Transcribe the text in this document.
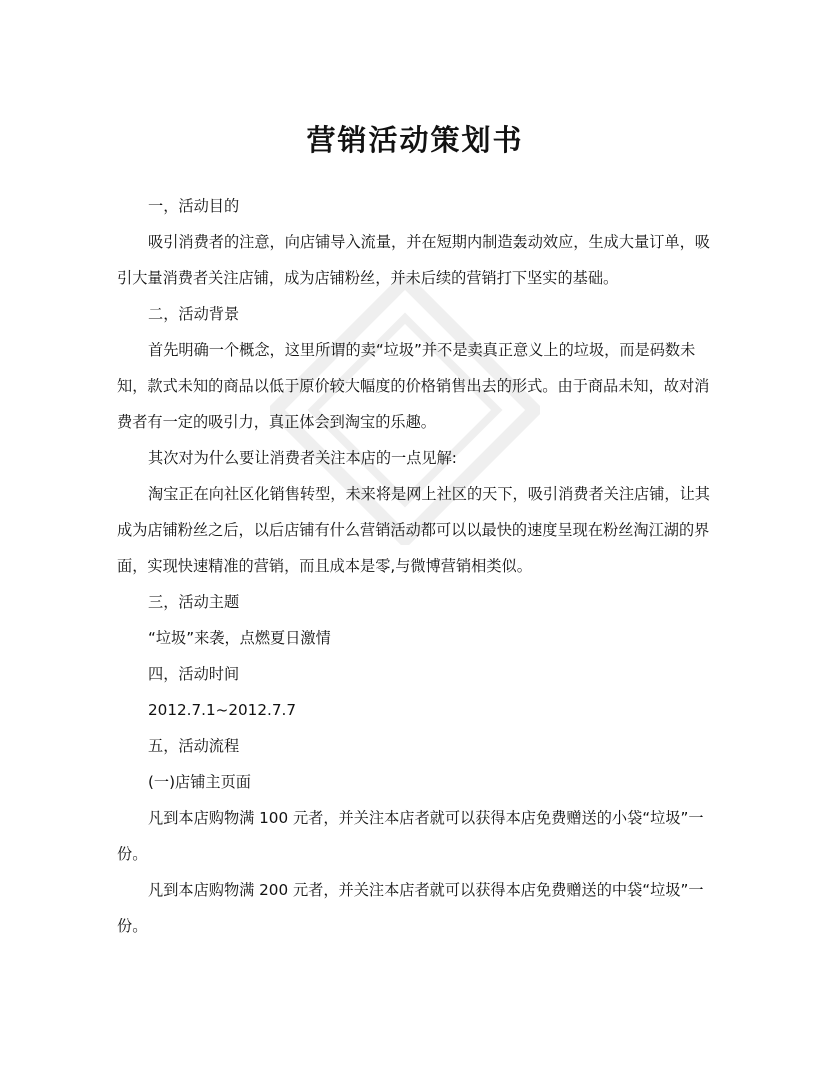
营销活动策划书

一，活动目的

吸引消费者的注意，向店铺导入流量，并在短期内制造轰动效应，生成大量订单，吸引大量消费者关注店铺，成为店铺粉丝，并未后续的营销打下坚实的基础。

二，活动背景

首先明确一个概念，这里所谓的卖“垃圾”并不是卖真正意义上的垃圾，而是码数未知，款式未知的商品以低于原价较大幅度的价格销售出去的形式。由于商品未知，故对消费者有一定的吸引力，真正体会到淘宝的乐趣。

其次对为什么要让消费者关注本店的一点见解:

淘宝正在向社区化销售转型，未来将是网上社区的天下，吸引消费者关注店铺，让其成为店铺粉丝之后，以后店铺有什么营销活动都可以以最快的速度呈现在粉丝淘江湖的界面，实现快速精准的营销，而且成本是零,与微博营销相类似。

三，活动主题

“垃圾”来袭，点燃夏日激情

四，活动时间

2012.7.1~2012.7.7

五，活动流程

(一)店铺主页面

凡到本店购物满 100 元者，并关注本店者就可以获得本店免费赠送的小袋“垃圾”一份。

凡到本店购物满 200 元者，并关注本店者就可以获得本店免费赠送的中袋“垃圾”一份。
